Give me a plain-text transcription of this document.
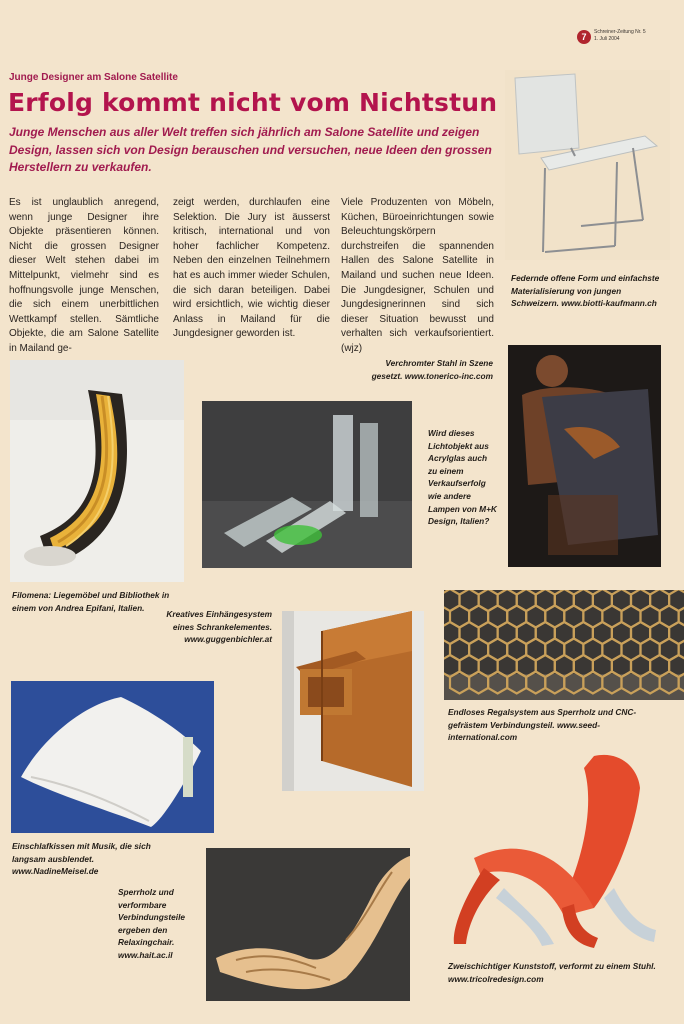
7	Schreiner-Zeitung Nr. 5
1. Juli 2004
Junge Designer am Salone Satellite
Erfolg kommt nicht vom Nichtstun

Junge Menschen aus aller Welt treffen sich jährlich am Salone Satellite und zeigen Design, lassen sich von Design berauschen und versuchen, neue Ideen den grossen Herstellern zu verkaufen.

Es ist unglaublich anregend, wenn junge Designer ihre Objekte präsentieren können. Nicht die grossen Designer dieser Welt stehen dabei im Mittelpunkt, vielmehr sind es hoffnungsvolle junge Menschen, die sich einem unerbittlichen Wettkampf stellen. Sämtliche Objekte, die am Salone Satellite in Mailand ge-

zeigt werden, durchlaufen eine Selektion. Die Jury ist äusserst kritisch, international und von hoher fachlicher Kompetenz. Neben den einzelnen Teilnehmern hat es auch immer wieder Schulen, die sich daran beteiligen. Dabei wird ersichtlich, wie wichtig dieser Anlass in Mailand für die Jungdesigner geworden ist.

Viele Produzenten von Möbeln, Küchen, Büroeinrichtungen sowie Beleuchtungskörpern durchstreifen die spannenden Hallen des Salone Satellite in Mailand und suchen neue Ideen. Die Jungdesigner, Schulen und Jungdesignerinnen sind sich dieser Situation bewusst und verhalten sich verkaufsorientiert. (wjz)

Federnde offene Form und einfachste Materialisierung von jungen Schweizern. www.biotti-kaufmann.ch

Verchromter Stahl in Szene gesetzt. www.tonerico-inc.com

Wird dieses Lichtobjekt aus Acrylglas auch zu einem Verkaufserfolg wie andere Lampen von M+K Design, Italien?

Filomena: Liegemöbel und Bibliothek in einem von Andrea Epifani, Italien.

Kreatives Einhängesystem eines Schrankelementes. www.guggenbichler.at

Endloses Regalsystem aus Sperrholz und CNC-gefrästem Verbindungsteil. www.seed-international.com

Einschlafkissen mit Musik, die sich langsam ausblendet. www.NadineMeisel.de

Sperrholz und verformbare Verbindungsteile ergeben den Relaxingchair. www.hait.ac.il

Zweischichtiger Kunststoff, verformt zu einem Stuhl. www.tricolredesign.com
